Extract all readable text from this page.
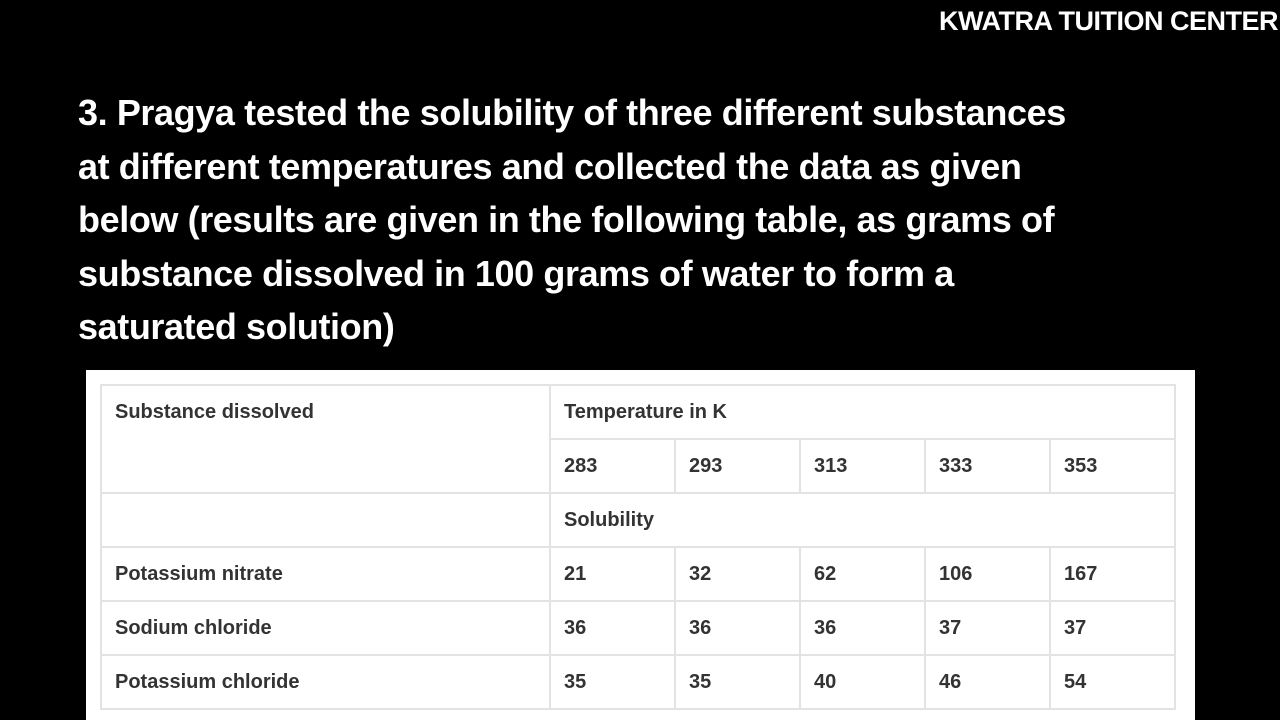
KWATRA TUITION CENTER

3. Pragya tested the solubility of three different substances
at different temperatures and collected the data as given
below (results are given in the following table, as grams of
substance dissolved in 100 grams of water to form a
saturated solution)

Substance dissolved	Temperature in K				
	283	293	313	333	353
	Solubility				
Potassium nitrate	21	32	62	106	167
Sodium chloride	36	36	36	37	37
Potassium chloride	35	35	40	46	54
